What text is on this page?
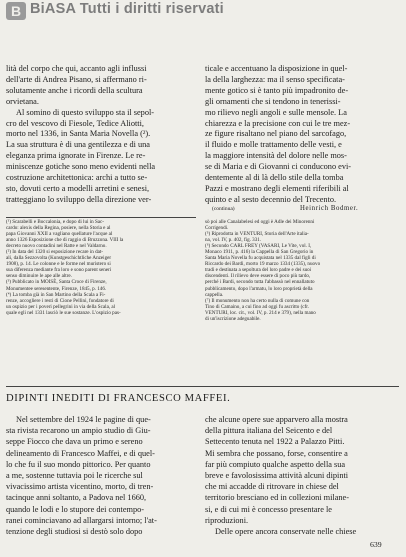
B BiASA Tutti i diritti riservati

lità del corpo che qui, accanto agli influssi

dell'arte di Andrea Pisano, si affermano ri-

solutamente anche i ricordi della scultura

orvietana.

Al somino di questo sviluppo sta il sepol-

cro del vescovo di Fiesole, Tedice Aliotti,

morto nel 1336, in Santa Maria Novella (²).

La sua struttura è di una gentilezza e di una

eleganza prima ignorate in Firenze. Le re-

miniscenze gotiche sono meno evidenti nella

costruzione architettonica: archi a tutto se-

sto, dovuti certo a modelli arretini e senesi,

tratteggiano lo sviluppo della direzione ver-

ticale e accentuano la disposizione in quel-

la della larghezza: ma il senso specificata-

mente gotico si è tanto più impadronito de-

gli ornamenti che si tendono in tenerissi-

mo rilievo negli angoli e sulle mensole. La

chiarezza e la precisione con cui le tre mez-

ze figure risaltano nel piano del sarcofago,

il fluido e molle trattamento delle vesti, e

la maggiore intensità del dolore nelle mos-

se di Maria e di Giovanni ci conducono evi-

dentemente al di là dello stile della tomba

Pazzi e mostrano degli elementi riferibili al

quinto e al sesto decennio del Trecento.

(continua)	Heinrich Bodmer.

(¹) Scarabelli e Boccalonia, e dopo di lui in Sac-

cardo: alexis della Regina, posiere, nella Storia e al

papa Giovanni XXII a vagliano quellature l'acque al

anno 1326 Esposizione che di raggio di Bruzzona. VIII la

decreto nuovo contadini nel Ratte e nel Valdarno.

(²) In data del 1320 si esposizione recare in dat-

ali, dalla Sezzovolta (Kunstgeschichtliche Anzeiger

1908), p. 14. Le colonne e le forme nel muristero si

sua diferenza mediante fra loro e sono parent seneri

senso diminuire le ape alle altre.

(³) Pubblicato in MOISÈ, Santa Croce di Firenze,

Monumentee seresentente, Firenze, 1845, p. 146.

(⁴) La tomba già in San Martino della Scala a Fi-

renze, accogliere i resti di Cione Pellini, fondatore di

un ospizio per i poveri pellegrini in via della Scala, al

quale egli nel 1331 lasciò le sue sostanze. L'ospizio pas-

sò poi alle Canalabelesi ed oggi è Adle dei Minorenni

Corrigendi.

(⁵) Riprodotta in VENTURI, Storia dell'Arte italia-

na, vol. IV, p. 402, fig. 331.

(⁶) Secondo CARL FREY (VASARI, Le Vite, vol. I,

Monaco 1911, p. 416) la Cappella di San Gregorio in

Santa Maria Novella fu acquistata nel 1335 dal figli di

Riccardo dei Bardi, morto 19 marzo 1334 (1335), nuovo

tradi e destinata a sepoltura del loro padre e dei suoi

discendenti. Il rilievo deve essere di poco più tardo,

perché i Bardi, secondo tutta l'abbassò nel ennallatuto

pubblicamento, dopo l'armatu, lo loro proprietà della

cappella.

(⁷) Il monumento non ha certo nulla di comune con

Tino di Camaino, a cui fino ad oggi fu ascritto (cfr.

VENTURI, loc. cit., vol. IV, p. 214 e 379), nella mano

di un'iscrizione adeguabile.

DIPINTI INEDITI DI FRANCESCO MAFFEI.

Nel settembre del 1924 le pagine di que-

sta rivista recarono un ampio studio di Giu-

seppe Fiocco che dava un primo e sereno

delineamento di Francesco Maffei, e di quel-

lo che fu il suo mondo pittorico. Per quanto

a me, sostenne tuttavia poi le ricerche sul

vivacissimo artista vicentino, morto, di tren-

tacinque anni soltanto, a Padova nel 1660,

quando le lodi e lo stupore dei contempo-

ranei cominciavano ad allargarsi intorno; l'at-

tenzione degli studiosi si destò solo dopo

che alcune opere sue apparvero alla mostra

della pittura italiana del Seicento e del

Settecento tenuta nel 1922 a Palazzo Pitti.

Mi sembra che possano, forse, consentire a

far più compiuto qualche aspetto della sua

breve e favolosissima attività alcuni dipinti

che mi accadde di ritrovare in chiese del

territorio bresciano ed in collezioni milane-

si, e di cui mi è concesso presentare le

riproduzioni.

Delle opere ancora conservate nelle chiese

639
